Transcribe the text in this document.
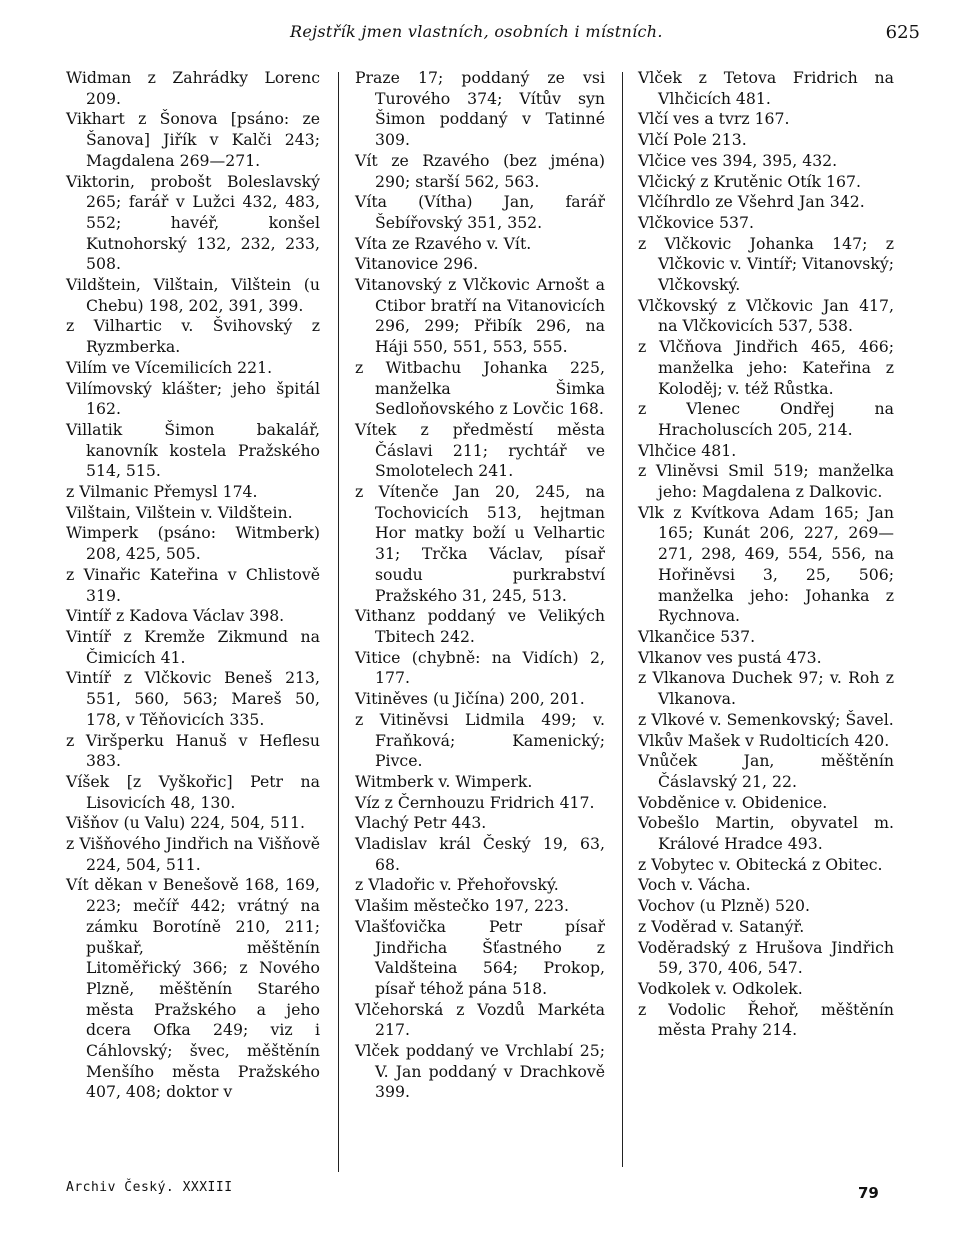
Rejstřík jmen vlastních, osobních i místních.	625

Widman z Zahrádky Lorenc 209.

Vikhart z Šonova [psáno: ze Šanova] Jiřík v Kalči 243; Magdalena 269—271.

Viktorin, probošt Boleslavský 265; farář v Lužci 432, 483, 552; havéř, konšel Kutnohorský 132, 232, 233, 508.

Vildštein, Vilštain, Vilštein (u Chebu) 198, 202, 391, 399.

z Vilhartic v. Švihovský z Ryzmberka.

Vilím ve Vícemilicích 221.

Vilímovský klášter; jeho špitál 162.

Villatik Šimon bakalář, kanovník kostela Pražského 514, 515.

z Vilmanic Přemysl 174.

Vilštain, Vilštein v. Vildštein.

Wimperk (psáno: Witmberk) 208, 425, 505.

z Vinařic Kateřina v Chlistově 319.

Vintíř z Kadova Václav 398.

Vintíř z Kremže Zikmund na Čimicích 41.

Vintíř z Vlčkovic Beneš 213, 551, 560, 563; Mareš 50, 178, v Těňovicích 335.

z Viršperku Hanuš v Heflesu 383.

Víšek [z Vyškořic] Petr na Lisovicích 48, 130.

Višňov (u Valu) 224, 504, 511.

z Višňového Jindřich na Višňově 224, 504, 511.

Vít děkan v Benešově 168, 169, 223; mečíř 442; vrátný na zámku Borotíně 210, 211; puškař, měštěnín Litoměřický 366; z Nového Plzně, měštěnín Starého města Pražského a jeho dcera Ofka 249; viz i Cáhlovský; švec, měštěnín Menšího města Pražského 407, 408; doktor v

Praze 17; poddaný ze vsi Turového 374; Vítův syn Šimon poddaný v Tatinné 309.

Vít ze Rzavého (bez jména) 290; starší 562, 563.

Víta (Vítha) Jan, farář Šebířovský 351, 352.

Víta ze Rzavého v. Vít.

Vitanovice 296.

Vitanovský z Vlčkovic Arnošt a Ctibor bratří na Vitanovicích 296, 299; Přibík 296, na Háji 550, 551, 553, 555.

z Witbachu Johanka 225, manželka Šimka Sedloňovského z Lovčic 168.

Vítek z předměstí města Čáslavi 211; rychtář ve Smolotelech 241.

z Vítenče Jan 20, 245, na Tochovicích 513, hejtman Hor matky boží u Velhartic 31; Trčka Václav, písař soudu purkrabství Pražského 31, 245, 513.

Vithanz poddaný ve Velikých Tbitech 242.

Vitice (chybně: na Vidích) 2, 177.

Vitiněves (u Jičína) 200, 201.

z Vitiněvsi Lidmila 499; v. Fraňková; Kamenický; Pivce.

Witmberk v. Wimperk.

Víz z Černhouzu Fridrich 417.

Vlachý Petr 443.

Vladislav král Český 19, 63, 68.

z Vladořic v. Přehořovský.

Vlašim městečko 197, 223.

Vlašťovička Petr písař Jindřicha Šťastného z Valdšteina 564; Prokop, písař téhož pána 518.

Vlčehorská z Vozdů Markéta 217.

Vlček poddaný ve Vrchlabí 25; V. Jan poddaný v Drachkově 399.

Vlček z Tetova Fridrich na Vlhčicích 481.

Vlčí ves a tvrz 167.

Vlčí Pole 213.

Vlčice ves 394, 395, 432.

Vlčický z Krutěnic Otík 167.

Vlčíhrdlo ze Všehrd Jan 342.

Vlčkovice 537.

z Vlčkovic Johanka 147; z Vlčkovic v. Vintíř; Vitanovský; Vlčkovský.

Vlčkovský z Vlčkovic Jan 417, na Vlčkovicích 537, 538.

z Vlčňova Jindřich 465, 466; manželka jeho: Kateřina z Koloděj; v. též Růstka.

z Vlenec Ondřej na Hracholuscích 205, 214.

Vlhčice 481.

z Vliněvsi Smil 519; manželka jeho: Magdalena z Dalkovic.

Vlk z Kvítkova Adam 165; Jan 165; Kunát 206, 227, 269—271, 298, 469, 554, 556, na Hořiněvsi 3, 25, 506; manželka jeho: Johanka z Rychnova.

Vlkančice 537.

Vlkanov ves pustá 473.

z Vlkanova Duchek 97; v. Roh z Vlkanova.

z Vlkové v. Semenkovský; Šavel.

Vlkův Mašek v Rudolticích 420.

Vnůček Jan, měštěnín Čáslavský 21, 22.

Vobděnice v. Obidenice.

Vobešlo Martin, obyvatel m. Králové Hradce 493.

z Vobytec v. Obitecká z Obitec.

Voch v. Vácha.

Vochov (u Plzně) 520.

z Voděrad v. Satanýř.

Voděradský z Hrušova Jindřich 59, 370, 406, 547.

Vodkolek v. Odkolek.

z Vodolic Řehoř, měštěnín města Prahy 214.

Archiv Český. XXXIII	79
